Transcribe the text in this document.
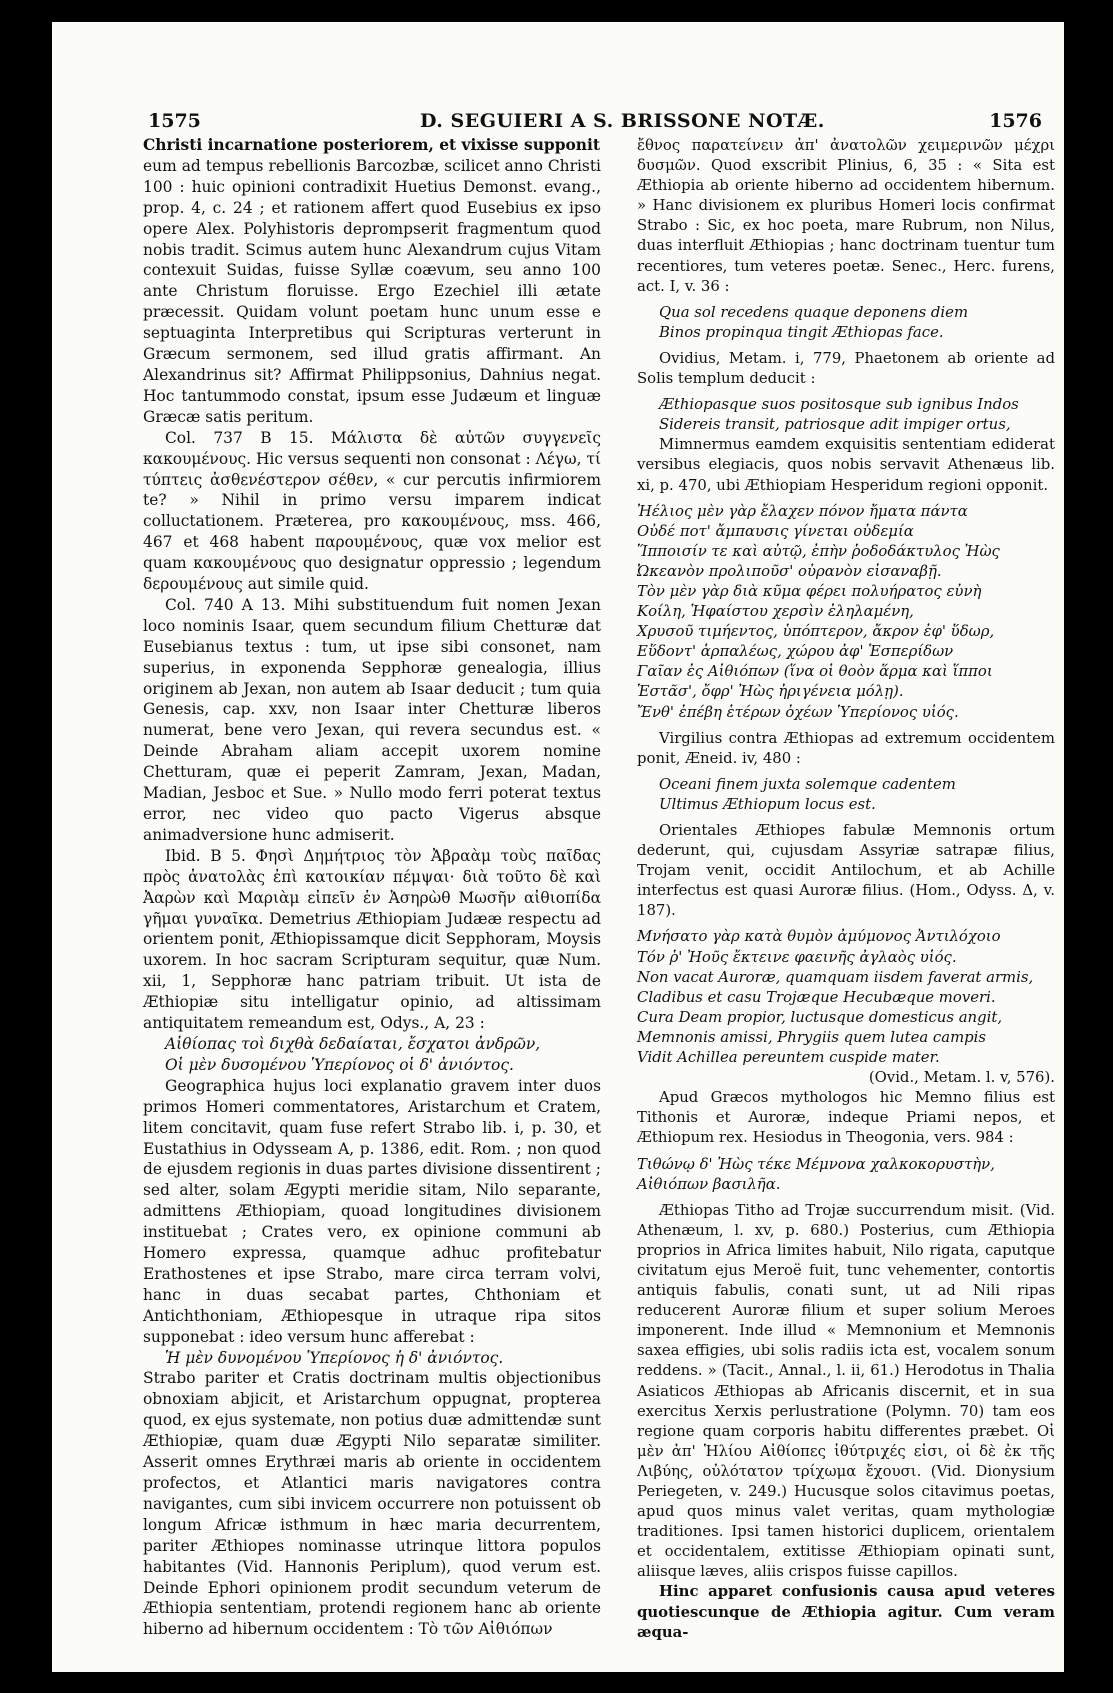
1575	D. SEGUIERI A S. BRISSONE NOTÆ.	1576

Christi incarnatione posteriorem, et vixisse supponit

eum ad tempus rebellionis Barcozbæ, scilicet anno Christi 100 : huic opinioni contradixit Huetius Demonst. evang., prop. 4, c. 24 ; et rationem affert quod Eusebius ex ipso opere Alex. Polyhistoris deprompserit fragmentum quod nobis tradit. Scimus autem hunc Alexandrum cujus Vitam contexuit Suidas, fuisse Syllæ coævum, seu anno 100 ante Christum floruisse. Ergo Ezechiel illi ætate præcessit. Quidam volunt poetam hunc unum esse e septuaginta Interpretibus qui Scripturas verterunt in Græcum sermonem, sed illud gratis affirmant. An Alexandrinus sit? Affirmat Philippsonius, Dahnius negat. Hoc tantummodo constat, ipsum esse Judæum et linguæ Græcæ satis peritum.

Col. 737 B 15. Μάλιστα δὲ αὐτῶν συγγενεῖς κακουμένους. Hic versus sequenti non consonat : Λέγω, τί τύπτεις ἀσθενέστερον σέθεν, « cur percutis infirmiorem te? » Nihil in primo versu imparem indicat colluctationem. Præterea, pro κακουμένους, mss. 466, 467 et 468 habent παρουμένους, quæ vox melior est quam κακουμένους quo designatur oppressio ; legendum δερουμένους aut simile quid.

Col. 740 A 13. Mihi substituendum fuit nomen Jexan loco nominis Isaar, quem secundum filium Chetturæ dat Eusebianus textus : tum, ut ipse sibi consonet, nam superius, in exponenda Sepphoræ genealogia, illius originem ab Jexan, non autem ab Isaar deducit ; tum quia Genesis, cap. xxv, non Isaar inter Chetturæ liberos numerat, bene vero Jexan, qui revera secundus est. « Deinde Abraham aliam accepit uxorem nomine Chetturam, quæ ei peperit Zamram, Jexan, Madan, Madian, Jesboc et Sue. » Nullo modo ferri poterat textus error, nec video quo pacto Vigerus absque animadversione hunc admiserit.

Ibid. B 5. Φησὶ Δημήτριος τὸν Ἀβραὰμ τοὺς παῖδας πρὸς ἀνατολὰς ἐπὶ κατοικίαν πέμψαι· διὰ τοῦτο δὲ καὶ Ἀαρὼν καὶ Μαριὰμ εἰπεῖν ἐν Ἀσηρὼθ Μωσῆν αἰθιοπίδα γῆμαι γυναῖκα. Demetrius Æthiopiam Judææ respectu ad orientem ponit, Æthiopissamque dicit Sepphoram, Moysis uxorem. In hoc sacram Scripturam sequitur, quæ Num. xii, 1, Sepphoræ hanc patriam tribuit. Ut ista de Æthiopiæ situ intelligatur opinio, ad altissimam antiquitatem remeandum est, Odys., A, 23 :

Αἰθίοπας τοὶ διχθὰ δεδαίαται, ἔσχατοι ἀνδρῶν,

Οἱ μὲν δυσομένου Ὑπερίονος οἱ δ' ἀνιόντος.

Geographica hujus loci explanatio gravem inter duos primos Homeri commentatores, Aristarchum et Cratem, litem concitavit, quam fuse refert Strabo lib. i, p. 30, et Eustathius in Odysseam A, p. 1386, edit. Rom. ; non quod de ejusdem regionis in duas partes divisione dissentirent ; sed alter, solam Ægypti meridie sitam, Nilo separante, admittens Æthiopiam, quoad longitudines divisionem instituebat ; Crates vero, ex opinione communi ab Homero expressa, quamque adhuc profitebatur Erathostenes et ipse Strabo, mare circa terram volvi, hanc in duas secabat partes, Chthoniam et Antichthoniam, Æthiopesque in utraque ripa sitos supponebat : ideo versum hunc afferebat :

Ἡ μὲν δυνομένου Ὑπερίονος ἡ δ' ἀνιόντος.

Strabo pariter et Cratis doctrinam multis objectionibus obnoxiam abjicit, et Aristarchum oppugnat, propterea quod, ex ejus systemate, non potius duæ admittendæ sunt Æthiopiæ, quam duæ Ægypti Nilo separatæ similiter. Asserit omnes Erythræi maris ab oriente in occidentem profectos, et Atlantici maris navigatores contra navigantes, cum sibi invicem occurrere non potuissent ob longum Africæ isthmum in hæc maria decurrentem, pariter Æthiopes nominasse utrinque littora populos habitantes (Vid. Hannonis Periplum), quod verum est. Deinde Ephori opinionem prodit secundum veterum de Æthiopia sententiam, protendi regionem hanc ab oriente hiberno ad hibernum occidentem : Τὸ τῶν Αἰθιόπων

ἔθνος παρατείνειν ἀπ' ἀνατολῶν χειμερινῶν μέχρι δυσμῶν. Quod exscribit Plinius, 6, 35 : « Sita est Æthiopia ab oriente hiberno ad occidentem hibernum. » Hanc divisionem ex pluribus Homeri locis confirmat Strabo : Sic, ex hoc poeta, mare Rubrum, non Nilus, duas interfluit Æthiopias ; hanc doctrinam tuentur tum recentiores, tum veteres poetæ. Senec., Herc. furens, act. I, v. 36 :

Qua sol recedens quaque deponens diem

Binos propinqua tingit Æthiopas face.

Ovidius, Metam. i, 779, Phaetonem ab oriente ad Solis templum deducit :

Æthiopasque suos positosque sub ignibus Indos

Sidereis transit, patriosque adit impiger ortus,

Mimnermus eamdem exquisitis sententiam ediderat versibus elegiacis, quos nobis servavit Athenæus lib. xi, p. 470, ubi Æthiopiam Hesperidum regioni opponit.

Ἠέλιος μὲν γὰρ ἔλαχεν πόνον ἤματα πάντα

Οὐδέ ποτ' ἄμπαυσις γίνεται οὐδεμία

Ἵπποισίν τε καὶ αὐτῷ, ἐπὴν ῥοδοδάκτυλος Ἠὼς

Ὠκεανὸν προλιποῦσ' οὐρανὸν εἰσαναβῇ.

Τὸν μὲν γὰρ διὰ κῦμα φέρει πολυήρατος εὐνὴ

Κοίλη, Ἡφαίστου χερσὶν ἐληλαμένη,

Χρυσοῦ τιμήεντος, ὑπόπτερον, ἄκρον ἐφ' ὕδωρ,

Εὕδοντ' ἁρπαλέως, χώρου ἀφ' Ἑσπερίδων

Γαῖαν ἐς Αἰθιόπων (ἵνα οἱ θοὸν ἅρμα καὶ ἵπποι

Ἑστᾶσ', ὄφρ' Ἠὼς ἠριγένεια μόλῃ).

Ἔνθ' ἐπέβη ἑτέρων ὀχέων Ὑπερίονος υἱός.

Virgilius contra Æthiopas ad extremum occidentem ponit, Æneid. iv, 480 :

Oceani finem juxta solemque cadentem

Ultimus Æthiopum locus est.

Orientales Æthiopes fabulæ Memnonis ortum dederunt, qui, cujusdam Assyriæ satrapæ filius, Trojam venit, occidit Antilochum, et ab Achille interfectus est quasi Auroræ filius. (Hom., Odyss. Δ, v. 187).

Μνήσατο γὰρ κατὰ θυμὸν ἀμύμονος Ἀντιλόχοιο

Τόν ῥ' Ἠοῦς ἔκτεινε φαεινῆς ἀγλαὸς υἱός.

Non vacat Auroræ, quamquam iisdem faverat armis,

Cladibus et casu Trojæque Hecubæque moveri.

Cura Deam propior, luctusque domesticus angit,

Memnonis amissi, Phrygiis quem lutea campis

Vidit Achillea pereuntem cuspide mater.

(Ovid., Metam. l. v, 576).

Apud Græcos mythologos hic Memno filius est Tithonis et Auroræ, indeque Priami nepos, et Æthiopum rex. Hesiodus in Theogonia, vers. 984 :

Τιθώνῳ δ' Ἠὼς τέκε Μέμνονα χαλκοκορυστὴν,

Αἰθιόπων βασιλῆα.

Æthiopas Titho ad Trojæ succurrendum misit. (Vid. Athenæum, l. xv, p. 680.) Posterius, cum Æthiopia proprios in Africa limites habuit, Nilo rigata, caputque civitatum ejus Meroë fuit, tunc vehementer, contortis antiquis fabulis, conati sunt, ut ad Nili ripas reducerent Auroræ filium et super solium Meroes imponerent. Inde illud « Memnonium et Memnonis saxea effigies, ubi solis radiis icta est, vocalem sonum reddens. » (Tacit., Annal., l. ii, 61.) Herodotus in Thalia Asiaticos Æthiopas ab Africanis discernit, et in sua exercitus Xerxis perlustratione (Polymn. 70) tam eos regione quam corporis habitu differentes præbet. Οἱ μὲν ἀπ' Ἡλίου Αἰθίοπες ἰθύτριχές εἰσι, οἱ δὲ ἐκ τῆς Λιβύης, οὐλότατον τρίχωμα ἔχουσι. (Vid. Dionysium Periegeten, v. 249.) Hucusque solos citavimus poetas, apud quos minus valet veritas, quam mythologiæ traditiones. Ipsi tamen historici duplicem, orientalem et occidentalem, extitisse Æthiopiam opinati sunt, aliisque læves, aliis crispos fuisse capillos.

Hinc apparet confusionis causa apud veteres quotiescunque de Æthiopia agitur. Cum veram æqua-
